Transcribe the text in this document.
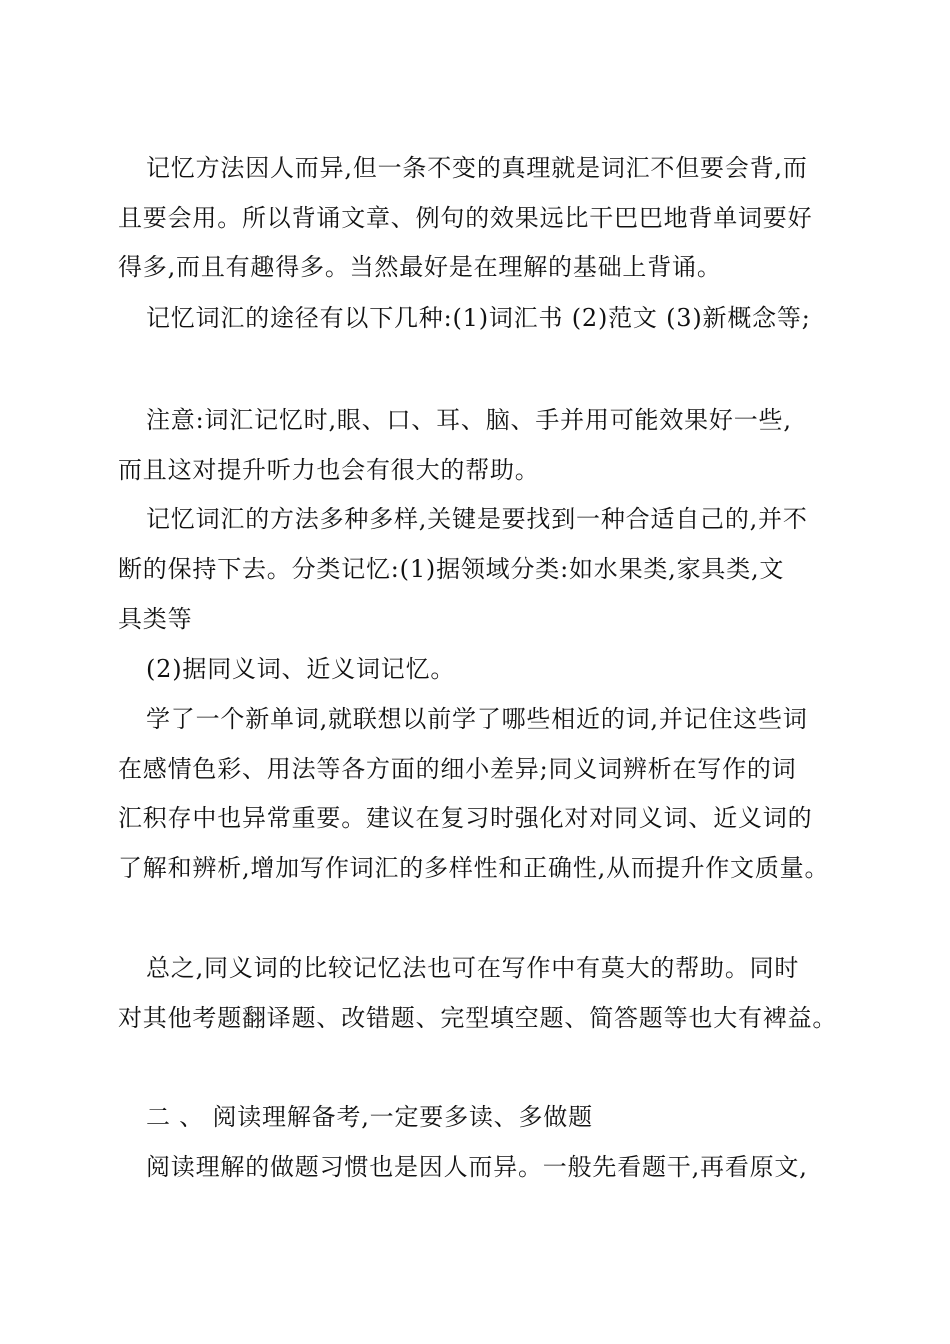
记忆方法因人而异,但一条不变的真理就是词汇不但要会背,而
且要会用。所以背诵文章、例句的效果远比干巴巴地背单词要好
得多,而且有趣得多。当然最好是在理解的基础上背诵。
记忆词汇的途径有以下几种:(1)词汇书 (2)范文 (3)新概念等;
注意:词汇记忆时,眼、口、耳、脑、手并用可能效果好一些,
而且这对提升听力也会有很大的帮助。
记忆词汇的方法多种多样,关键是要找到一种合适自己的,并不
断的保持下去。分类记忆:(1)据领域分类:如水果类,家具类,文
具类等
(2)据同义词、近义词记忆。
学了一个新单词,就联想以前学了哪些相近的词,并记住这些词
在感情色彩、用法等各方面的细小差异;同义词辨析在写作的词
汇积存中也异常重要。建议在复习时强化对对同义词、近义词的
了解和辨析,增加写作词汇的多样性和正确性,从而提升作文质量。
总之,同义词的比较记忆法也可在写作中有莫大的帮助。同时
对其他考题翻译题、改错题、完型填空题、简答题等也大有裨益。
二 、 阅读理解备考,一定要多读、多做题
阅读理解的做题习惯也是因人而异。一般先看题干,再看原文,
